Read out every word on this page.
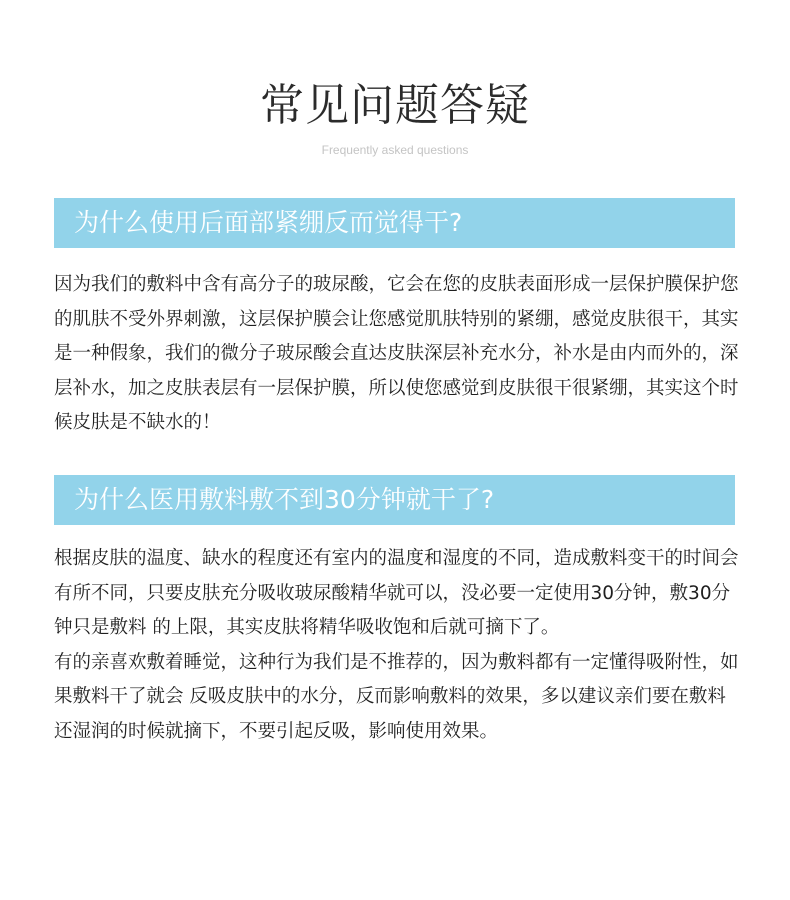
常见问题答疑
Frequently asked questions
为什么使用后面部紧绷反而觉得干?

因为我们的敷料中含有高分子的玻尿酸，它会在您的皮肤表面形成一层保护膜保护您的肌肤不受外界刺激，这层保护膜会让您感觉肌肤特别的紧绷，感觉皮肤很干，其实是一种假象，我们的微分子玻尿酸会直达皮肤深层补充水分，补水是由内而外的，深层补水，加之皮肤表层有一层保护膜，所以使您感觉到皮肤很干很紧绷，其实这个时候皮肤是不缺水的！

为什么医用敷料敷不到30分钟就干了?

根据皮肤的温度、缺水的程度还有室内的温度和湿度的不同，造成敷料变干的时间会有所不同，只要皮肤充分吸收玻尿酸精华就可以，没必要一定使用30分钟，敷30分钟只是敷料 的上限，其实皮肤将精华吸收饱和后就可摘下了。

有的亲喜欢敷着睡觉，这种行为我们是不推荐的，因为敷料都有一定懂得吸附性，如果敷料干了就会 反吸皮肤中的水分，反而影响敷料的效果，多以建议亲们要在敷料还湿润的时候就摘下，不要引起反吸，影响使用效果。
